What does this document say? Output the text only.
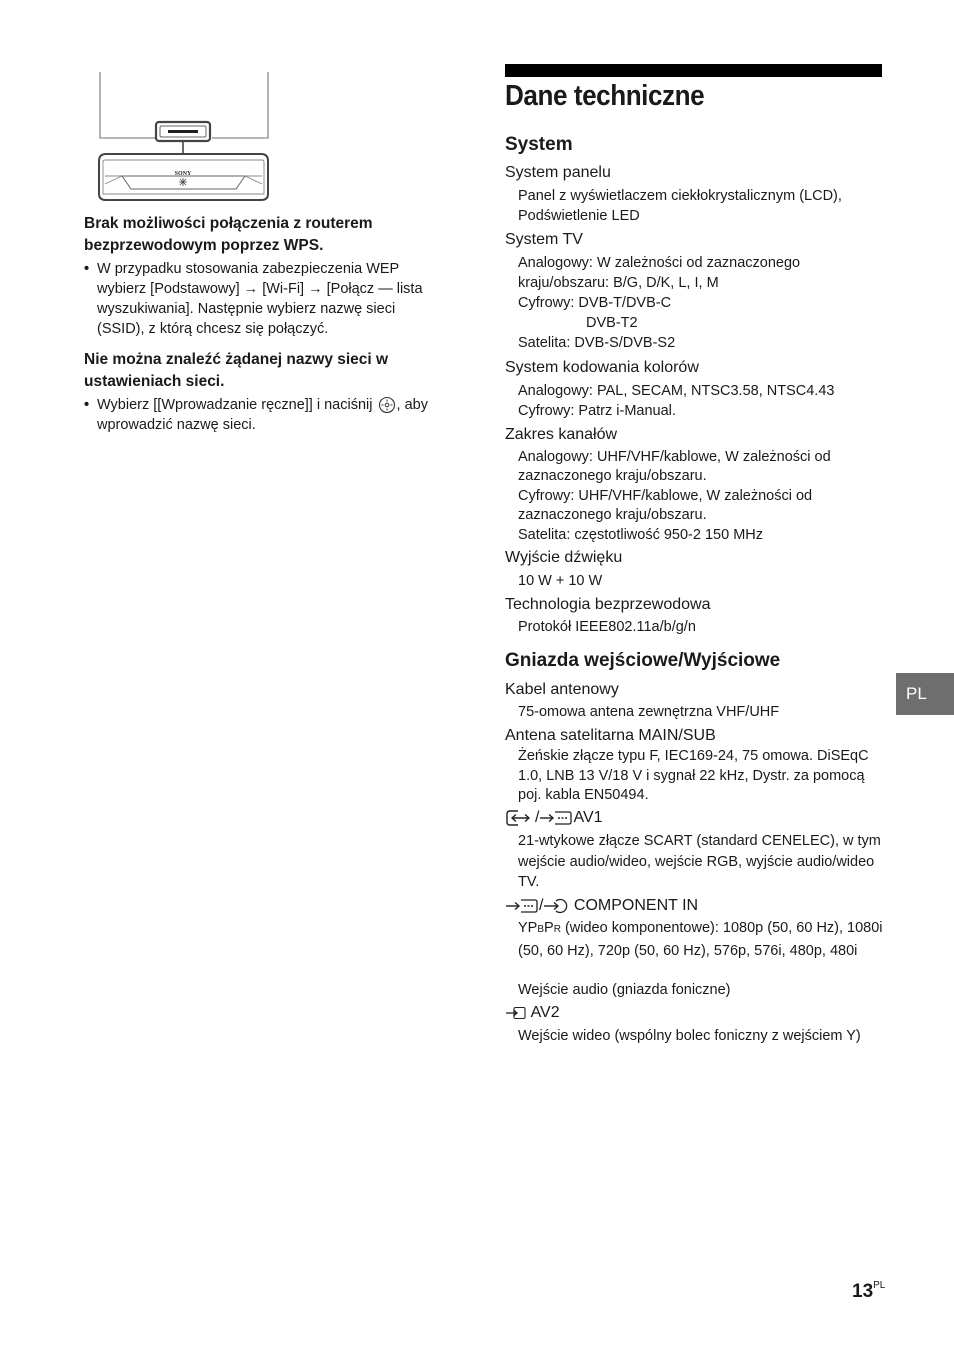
SONY
Brak możliwości połączenia z routerem bezprzewodowym poprzez WPS.
• W przypadku stosowania zabezpieczenia WEP wybierz [Podstawowy] → [Wi-Fi] → [Połącz — lista wyszukiwania]. Następnie wybierz nazwę sieci (SSID), z którą chcesz się połączyć.
Nie można znaleźć żądanej nazwy sieci w ustawieniach sieci.
• Wybierz [[Wprowadzanie ręczne]] i naciśnij , aby wprowadzić nazwę sieci.
Dane techniczne
System
System panelu
Panel z wyświetlaczem ciekłokrystalicznym (LCD), Podświetlenie LED
System TV
Analogowy: W zależności od zaznaczonego kraju/obszaru: B/G, D/K, L, I, M
Cyfrowy: DVB-T/DVB-C
DVB-T2
Satelita: DVB-S/DVB-S2
System kodowania kolorów
Analogowy: PAL, SECAM, NTSC3.58, NTSC4.43
Cyfrowy: Patrz i-Manual.
Zakres kanałów
Analogowy: UHF/VHF/kablowe, W zależności od zaznaczonego kraju/obszaru.
Cyfrowy: UHF/VHF/kablowe, W zależności od zaznaczonego kraju/obszaru.
Satelita: częstotliwość 950-2 150 MHz
Wyjście dźwięku
10 W + 10 W
Technologia bezprzewodowa
Protokół IEEE802.11a/b/g/n
Gniazda wejściowe/Wyjściowe
Kabel antenowy
75-omowa antena zewnętrzna VHF/UHF
Antena satelitarna MAIN/SUB
Żeńskie złącze typu F, IEC169-24, 75 omowa. DiSEqC 1.0, LNB 13 V/18 V i sygnał 22 kHz, Dystr. za pomocą poj. kabla EN50494.
/ AV1
21-wtykowe złącze SCART (standard CENELEC), w tym wejście audio/wideo, wejście RGB, wyjście audio/wideo TV.
/ COMPONENT IN
YPBPR (wideo komponentowe): 1080p (50, 60 Hz), 1080i (50, 60 Hz), 720p (50, 60 Hz), 576p, 576i, 480p, 480i
Wejście audio (gniazda foniczne)
AV2
Wejście wideo (wspólny bolec foniczny z wejściem Y)
PL
$13^{PL}$
